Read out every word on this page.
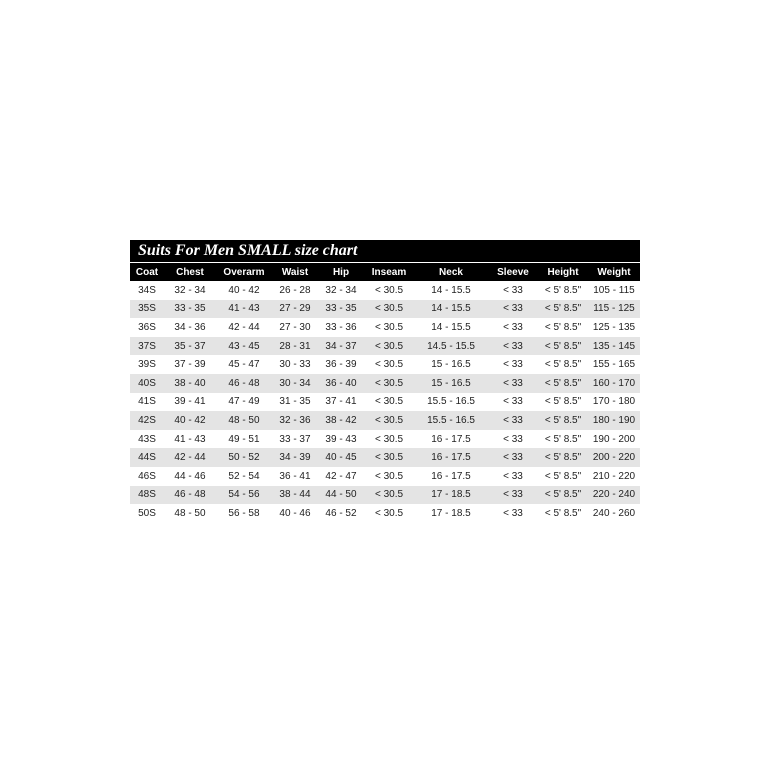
Suits For Men SMALL size chart
Coat	Chest	Overarm	Waist	Hip	Inseam	Neck	Sleeve	Height	Weight
34S	32 - 34	40 - 42	26 - 28	32 - 34	< 30.5	14 - 15.5	< 33	< 5' 8.5"	105 - 115
35S	33 - 35	41 - 43	27 - 29	33 - 35	< 30.5	14 - 15.5	< 33	< 5' 8.5"	115 - 125
36S	34 - 36	42 - 44	27 - 30	33 - 36	< 30.5	14 - 15.5	< 33	< 5' 8.5"	125 - 135
37S	35 - 37	43 - 45	28 - 31	34 - 37	< 30.5	14.5 - 15.5	< 33	< 5' 8.5"	135 - 145
39S	37 - 39	45 - 47	30 - 33	36 - 39	< 30.5	15 - 16.5	< 33	< 5' 8.5"	155 - 165
40S	38 - 40	46 - 48	30 - 34	36 - 40	< 30.5	15 - 16.5	< 33	< 5' 8.5"	160 - 170
41S	39 - 41	47 - 49	31 - 35	37 - 41	< 30.5	15.5 - 16.5	< 33	< 5' 8.5"	170 - 180
42S	40 - 42	48 - 50	32 - 36	38 - 42	< 30.5	15.5 - 16.5	< 33	< 5' 8.5"	180 - 190
43S	41 - 43	49 - 51	33 - 37	39 - 43	< 30.5	16 - 17.5	< 33	< 5' 8.5"	190 - 200
44S	42 - 44	50 - 52	34 - 39	40 - 45	< 30.5	16 - 17.5	< 33	< 5' 8.5"	200 - 220
46S	44 - 46	52 - 54	36 - 41	42 - 47	< 30.5	16 - 17.5	< 33	< 5' 8.5"	210 - 220
48S	46 - 48	54 - 56	38 - 44	44 - 50	< 30.5	17 - 18.5	< 33	< 5' 8.5"	220 - 240
50S	48 - 50	56 - 58	40 - 46	46 - 52	< 30.5	17 - 18.5	< 33	< 5' 8.5"	240 - 260
